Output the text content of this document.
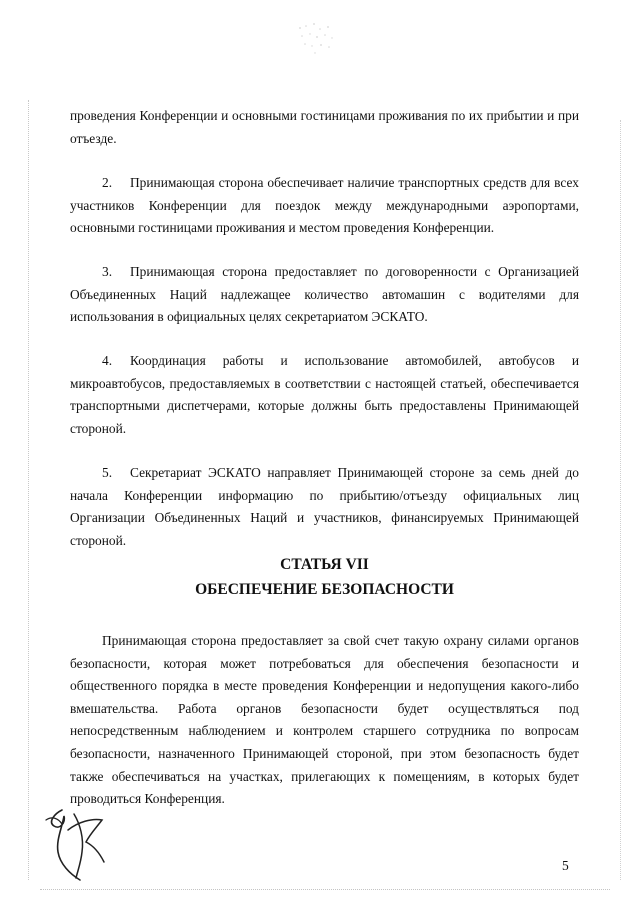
проведения Конференции и основными гостиницами проживания по их прибытии и при отъезде.

2. Принимающая сторона обеспечивает наличие транспортных средств для всех участников Конференции для поездок между международными аэропортами, основными гостиницами проживания и местом проведения Конференции.

3. Принимающая сторона предоставляет по договоренности с Организацией Объединенных Наций надлежащее количество автомашин с водителями для использования в официальных целях секретариатом ЭСКАТО.

4. Координация работы и использование автомобилей, автобусов и микроавтобусов, предоставляемых в соответствии с настоящей статьей, обеспечивается транспортными диспетчерами, которые должны быть предоставлены Принимающей стороной.

5. Секретариат ЭСКАТО направляет Принимающей стороне за семь дней до начала Конференции информацию по прибытию/отъезду официальных лиц Организации Объединенных Наций и участников, финансируемых Принимающей стороной.

СТАТЬЯ VII
ОБЕСПЕЧЕНИЕ БЕЗОПАСНОСТИ

Принимающая сторона предоставляет за свой счет такую охрану силами органов безопасности, которая может потребоваться для обеспечения безопасности и общественного порядка в месте проведения Конференции и недопущения какого-либо вмешательства. Работа органов безопасности будет осуществляться под непосредственным наблюдением и контролем старшего сотрудника по вопросам безопасности, назначенного Принимающей стороной, при этом безопасность будет также обеспечиваться на участках, прилегающих к помещениям, в которых будет проводиться Конференция.

5
